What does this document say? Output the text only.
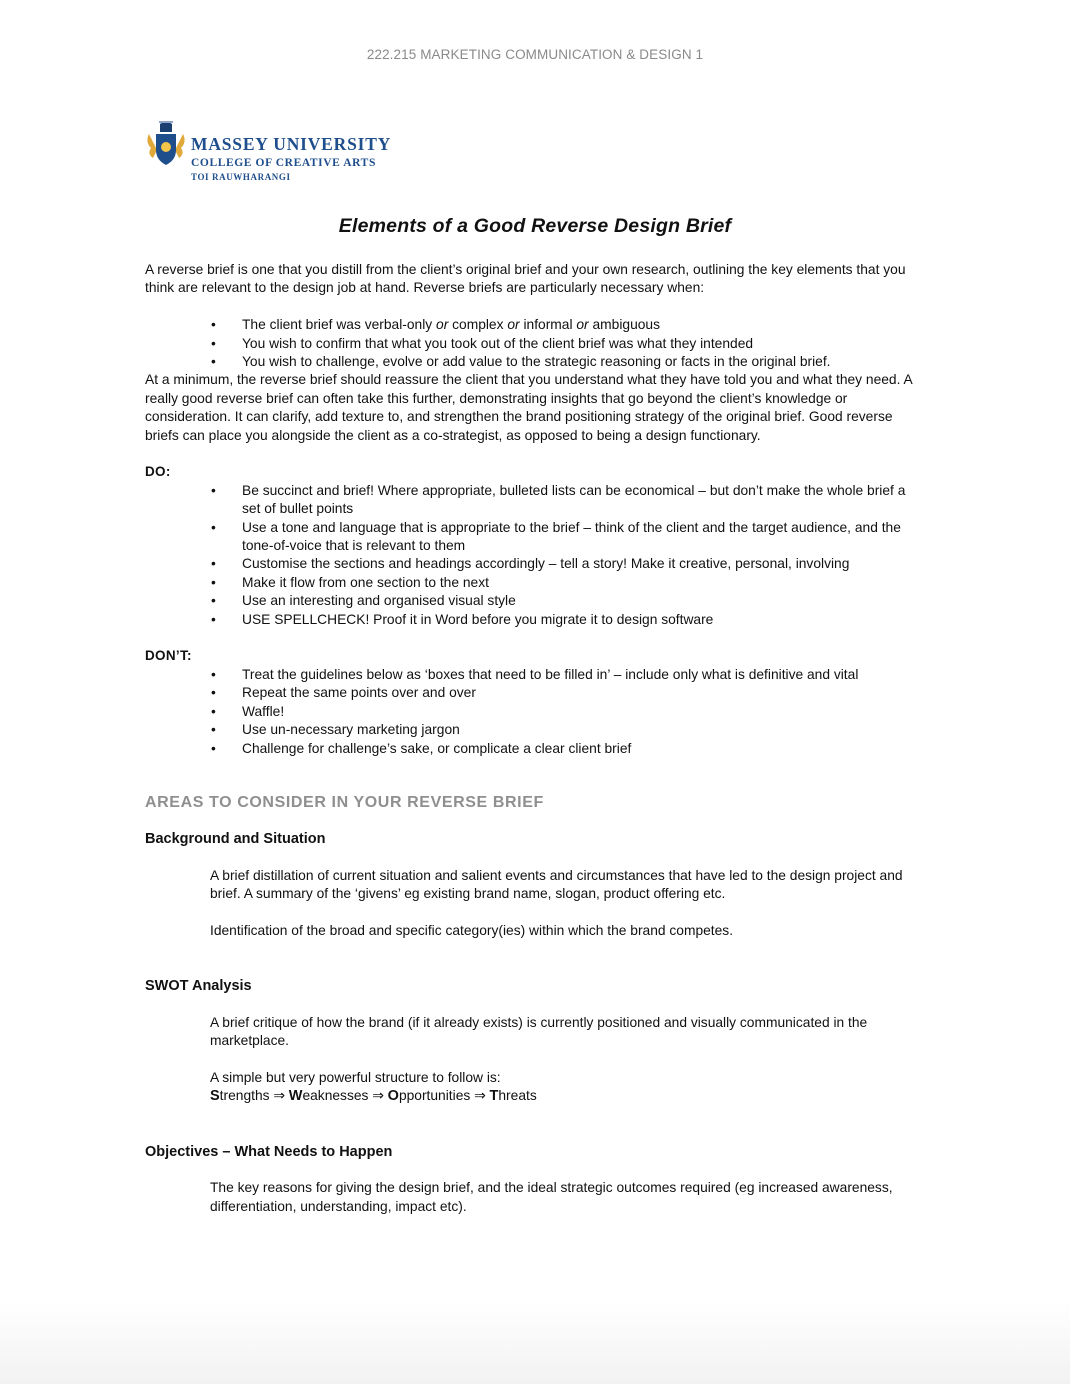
222.215 MARKETING COMMUNICATION & DESIGN 1
MASSEY UNIVERSITY
COLLEGE OF CREATIVE ARTS
TOI RAUWHARANGI
Elements of a Good Reverse Design Brief

A reverse brief is one that you distill from the client’s original brief and your own research, outlining the key elements that you think are relevant to the design job at hand. Reverse briefs are particularly necessary when:

• The client brief was verbal-only or complex or informal or ambiguous
• You wish to confirm that what you took out of the client brief was what they intended
• You wish to challenge, evolve or add value to the strategic reasoning or facts in the original brief.

At a minimum, the reverse brief should reassure the client that you understand what they have told you and what they need. A really good reverse brief can often take this further, demonstrating insights that go beyond the client’s knowledge or consideration. It can clarify, add texture to, and strengthen the brand positioning strategy of the original brief. Good reverse briefs can place you alongside the client as a co-strategist, as opposed to being a design functionary.

DO:
• Be succinct and brief! Where appropriate, bulleted lists can be economical – but don’t make the whole brief a set of bullet points
• Use a tone and language that is appropriate to the brief – think of the client and the target audience, and the tone-of-voice that is relevant to them
• Customise the sections and headings accordingly – tell a story! Make it creative, personal, involving
• Make it flow from one section to the next
• Use an interesting and organised visual style
• USE SPELLCHECK! Proof it in Word before you migrate it to design software
DON’T:
• Treat the guidelines below as ‘boxes that need to be filled in’ – include only what is definitive and vital
• Repeat the same points over and over
• Waffle!
• Use un-necessary marketing jargon
• Challenge for challenge’s sake, or complicate a clear client brief
AREAS TO CONSIDER IN YOUR REVERSE BRIEF
Background and Situation

A brief distillation of current situation and salient events and circumstances that have led to the design project and brief. A summary of the ‘givens’ eg existing brand name, slogan, product offering etc.

Identification of the broad and specific category(ies) within which the brand competes.

SWOT Analysis

A brief critique of how the brand (if it already exists) is currently positioned and visually communicated in the marketplace.

A simple but very powerful structure to follow is:

Strengths ⇒ Weaknesses ⇒ Opportunities ⇒ Threats

Objectives – What Needs to Happen

The key reasons for giving the design brief, and the ideal strategic outcomes required (eg increased awareness, differentiation, understanding, impact etc).
